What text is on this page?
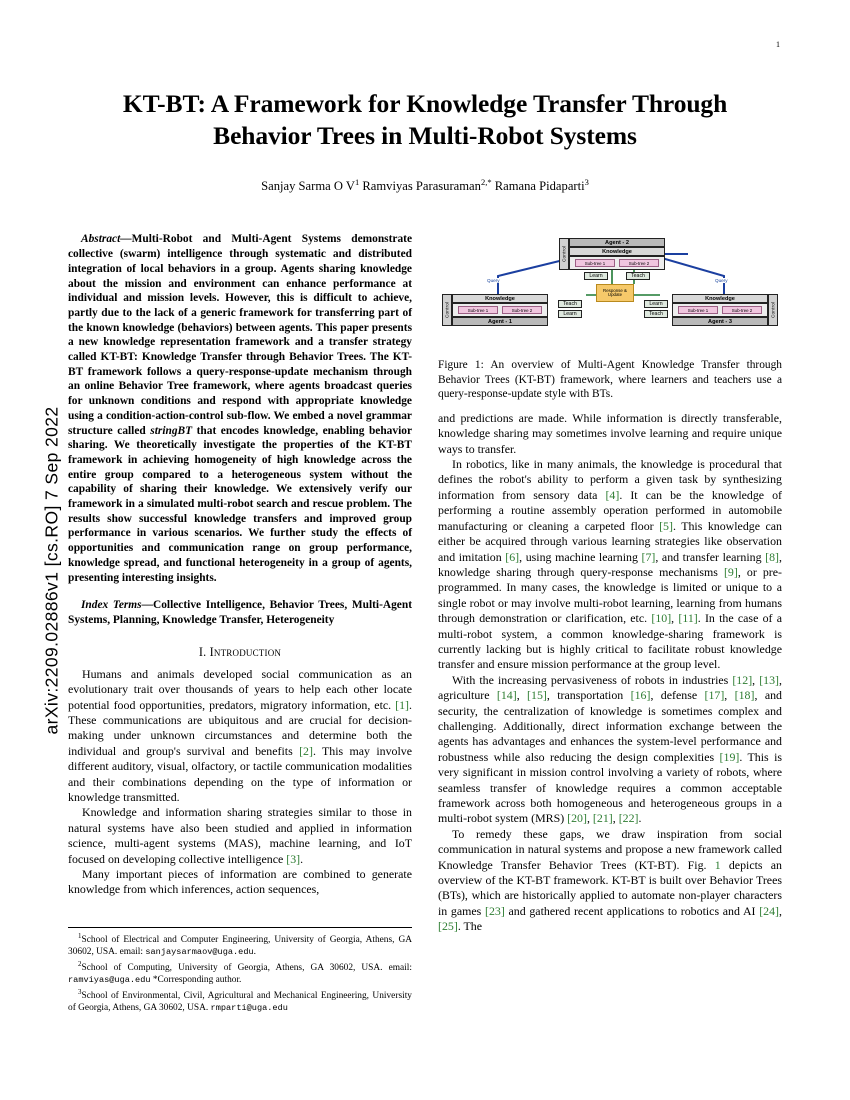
1
arXiv:2209.02886v1 [cs.RO] 7 Sep 2022
KT-BT: A Framework for Knowledge Transfer Through Behavior Trees in Multi-Robot Systems
Sanjay Sarma O $V^1$ Ramviyas Parasuraman$^{2,*}$ Ramana Pidaparti$^3$
Abstract—Multi-Robot and Multi-Agent Systems demonstrate collective (swarm) intelligence through systematic and distributed integration of local behaviors in a group. Agents sharing knowledge about the mission and environment can enhance performance at individual and mission levels. However, this is difficult to achieve, partly due to the lack of a generic framework for transferring part of the known knowledge (behaviors) between agents. This paper presents a new knowledge representation framework and a transfer strategy called KT-BT: Knowledge Transfer through Behavior Trees. The KT-BT framework follows a query-response-update mechanism through an online Behavior Tree framework, where agents broadcast queries for unknown conditions and respond with appropriate knowledge using a condition-action-control sub-flow. We embed a novel grammar structure called stringBT that encodes knowledge, enabling behavior sharing. We theoretically investigate the properties of the KT-BT framework in achieving homogeneity of high knowledge across the entire group compared to a heterogeneous system without the capability of sharing their knowledge. We extensively verify our framework in a simulated multi-robot search and rescue problem. The results show successful knowledge transfers and improved group performance in various scenarios. We further study the effects of opportunities and communication range on group performance, knowledge spread, and functional heterogeneity in a group of agents, presenting interesting insights.
Index Terms—Collective Intelligence, Behavior Trees, Multi-Agent Systems, Planning, Knowledge Transfer, Heterogeneity
I. Introduction

Humans and animals developed social communication as an evolutionary trait over thousands of years to help each other locate potential food opportunities, predators, migratory information, etc. [1]. These communications are ubiquitous and are crucial for decision-making under unknown circumstances and determine both the individual and group's survival and benefits [2]. This may involve different auditory, visual, olfactory, or tactile communication modalities and their combinations depending on the type of information or knowledge transmitted.

Knowledge and information sharing strategies similar to those in natural systems have also been studied and applied in information science, multi-agent systems (MAS), machine learning, and IoT focused on developing collective intelligence [3].

Many important pieces of information are combined to generate knowledge from which inferences, action sequences,

$^1$School of Electrical and Computer Engineering, University of Georgia, Athens, GA 30602, USA. email: sanjaysarmaov@uga.edu.

$^2$School of Computing, University of Georgia, Athens, GA 30602, USA. email: ramviyas@uga.edu *Corresponding author.

$^3$School of Environmental, Civil, Agricultural and Mechanical Engineering, University of Georgia, Athens, GA 30602, USA. rmparti@uga.edu

Agent - 2
Knowledge
Sub-tree 1	Sub-tree 2
Control
Learn	Teach
Response & Update
Knowledge
Sub-tree 1	Sub-tree 2
Agent - 1
Control	Learn
Teach
Knowledge
Sub-tree 1	Sub-tree 2
Agent - 3
Control
Learn
Teach
Query	Query
Figure 1: An overview of Multi-Agent Knowledge Transfer through Behavior Trees (KT-BT) framework, where learners and teachers use a query-response-update style with BTs.

and predictions are made. While information is directly transferable, knowledge sharing may sometimes involve learning and require unique ways to transfer.

In robotics, like in many animals, the knowledge is procedural that defines the robot's ability to perform a given task by synthesizing information from sensory data [4]. It can be the knowledge of performing a routine assembly operation performed in automobile manufacturing or cleaning a carpeted floor [5]. This knowledge can either be acquired through various learning strategies like observation and imitation [6], using machine learning [7], and transfer learning [8], knowledge sharing through query-response mechanisms [9], or pre-programmed. In many cases, the knowledge is limited or unique to a single robot or may involve multi-robot learning, learning from humans through demonstration or clarification, etc. [10], [11]. In the case of a multi-robot system, a common knowledge-sharing framework is currently lacking but is highly critical to facilitate robust knowledge transfer and ensure mission performance at the group level.

With the increasing pervasiveness of robots in industries [12], [13], agriculture [14], [15], transportation [16], defense [17], [18], and security, the centralization of knowledge is sometimes complex and challenging. Additionally, direct information exchange between the agents has advantages and enhances the system-level performance and robustness while also reducing the design complexities [19]. This is very significant in mission control involving a variety of robots, where seamless transfer of knowledge requires a common acceptable framework across both homogeneous and heterogeneous groups in a multi-robot system (MRS) [20], [21], [22].

To remedy these gaps, we draw inspiration from social communication in natural systems and propose a new framework called Knowledge Transfer Behavior Trees (KT-BT). Fig. 1 depicts an overview of the KT-BT framework. KT-BT is built over Behavior Trees (BTs), which are historically applied to automate non-player characters in games [23] and gathered recent applications to robotics and AI [24], [25]. The
